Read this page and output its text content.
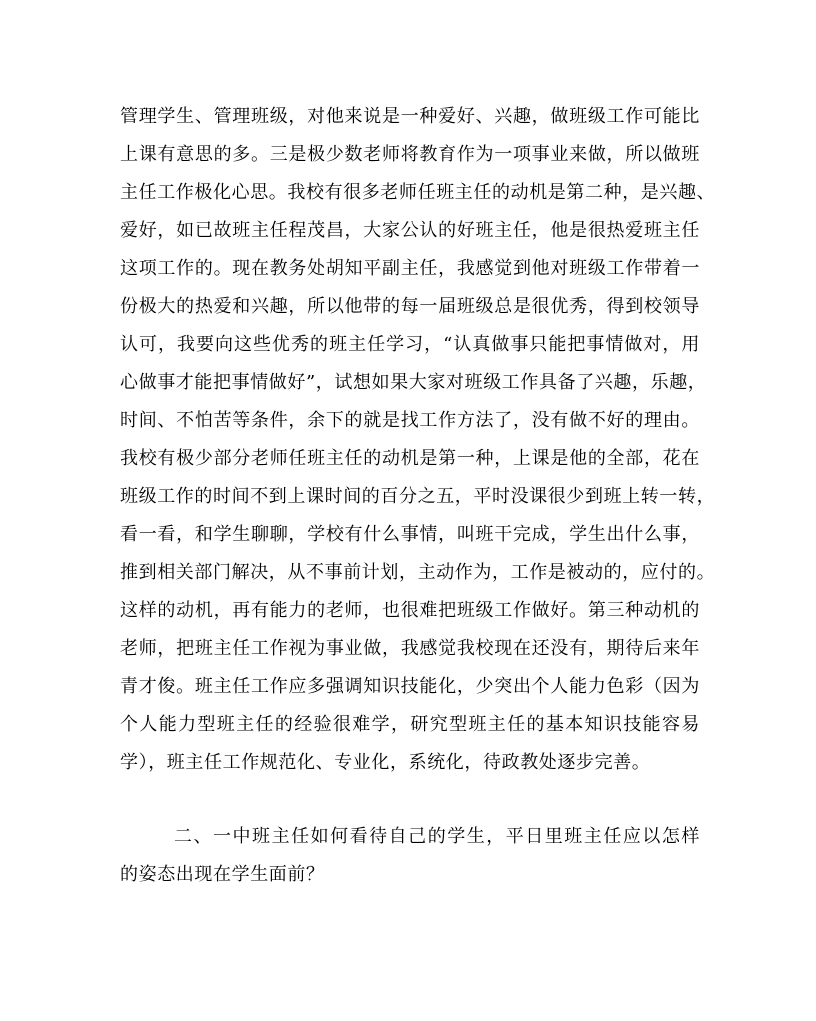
管理学生、管理班级，对他来说是一种爱好、兴趣，做班级工作可能比
上课有意思的多。三是极少数老师将教育作为一项事业来做，所以做班
主任工作极化心思。我校有很多老师任班主任的动机是第二种，是兴趣、
爱好，如已故班主任程茂昌，大家公认的好班主任，他是很热爱班主任
这项工作的。现在教务处胡知平副主任，我感觉到他对班级工作带着一
份极大的热爱和兴趣，所以他带的每一届班级总是很优秀，得到校领导
认可，我要向这些优秀的班主任学习，“认真做事只能把事情做对，用
心做事才能把事情做好”，试想如果大家对班级工作具备了兴趣，乐趣，
时间、不怕苦等条件，余下的就是找工作方法了，没有做不好的理由。
我校有极少部分老师任班主任的动机是第一种，上课是他的全部，花在
班级工作的时间不到上课时间的百分之五，平时没课很少到班上转一转，
看一看，和学生聊聊，学校有什么事情，叫班干完成，学生出什么事，
推到相关部门解决，从不事前计划，主动作为，工作是被动的，应付的。
这样的动机，再有能力的老师，也很难把班级工作做好。第三种动机的
老师，把班主任工作视为事业做，我感觉我校现在还没有，期待后来年
青才俊。班主任工作应多强调知识技能化，少突出个人能力色彩（因为
个人能力型班主任的经验很难学，研究型班主任的基本知识技能容易
学），班主任工作规范化、专业化，系统化，待政教处逐步完善。
二、一中班主任如何看待自己的学生，平日里班主任应以怎样
的姿态出现在学生面前？
